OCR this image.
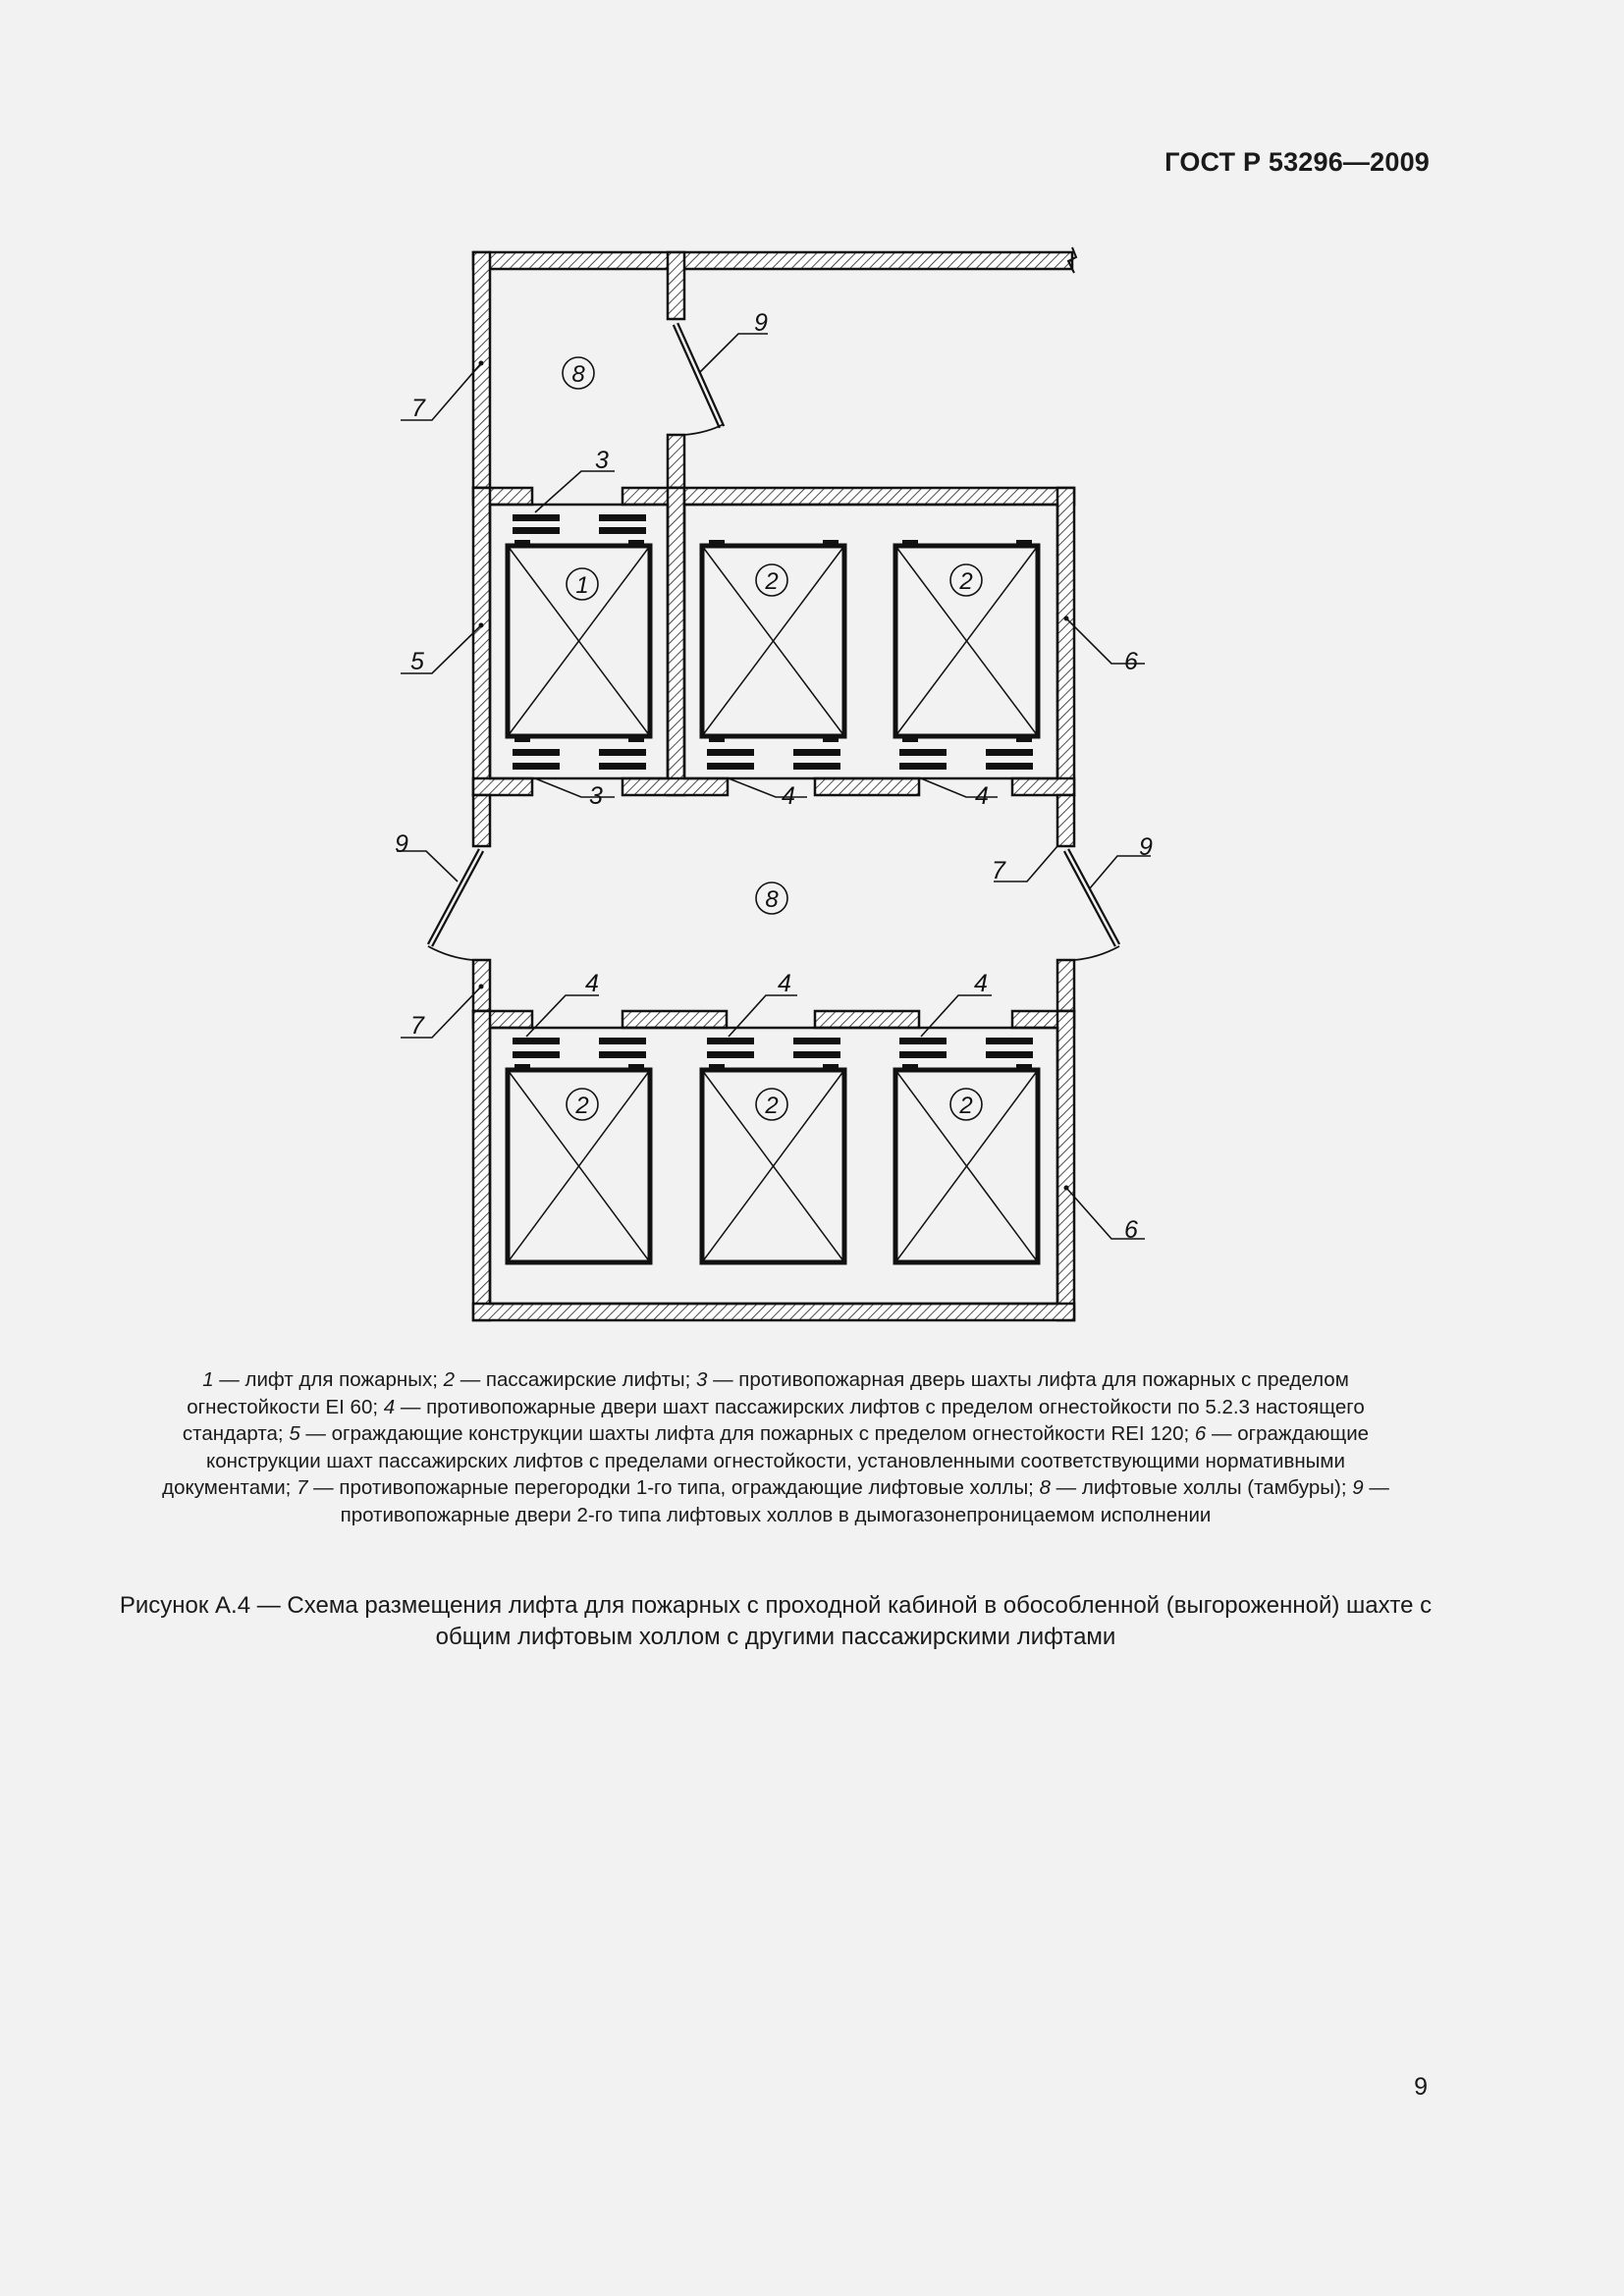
ГОСТ Р 53296—2009
8
1	2	2
8
2	2	2
7
5
7
3
3	4	4
6
6
9
9	9
7
4	4	4
1 — лифт для пожарных; 2 — пассажирские лифты; 3 — противопожарная дверь шахты лифта для пожарных с пределом огнестойкости EI 60; 4 — противопожарные двери шахт пассажирских лифтов с пределом огнестойкости по 5.2.3 настоящего стандарта; 5 — ограждающие конструкции шахты лифта для пожарных с пределом огнестойкости REI 120; 6 — ограждающие конструкции шахт пассажирских лифтов с пределами огнестойкости, установленными соответствующими нормативными документами; 7 — противопожарные перегородки 1-го типа, ограждающие лифтовые холлы; 8 — лифтовые холлы (тамбуры); 9 — противопожарные двери 2-го типа лифтовых холлов в дымогазонепроницаемом исполнении
Рисунок А.4 — Схема размещения лифта для пожарных с проходной кабиной в обособленной (выгороженной) шахте с общим лифтовым холлом с другими пассажирскими лифтами
9
